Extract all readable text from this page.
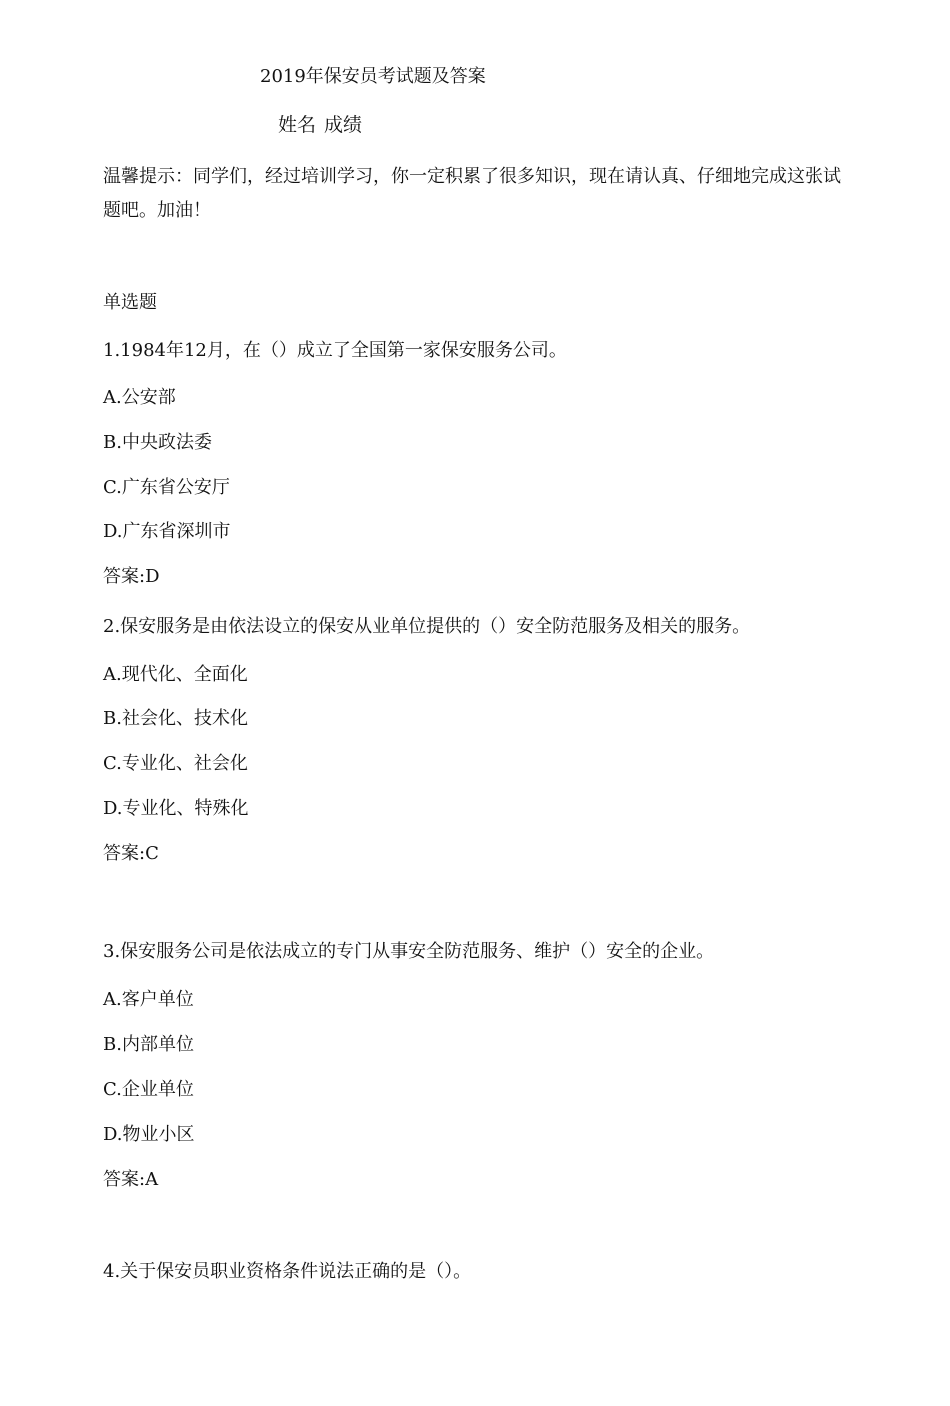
2019年保安员考试题及答案
姓名 成绩
温馨提示：同学们，经过培训学习，你一定积累了很多知识，现在请认真、仔细地完成这张试题吧。加油！
单选题
1.1984年12月，在（）成立了全国第一家保安服务公司。
A.公安部
B.中央政法委
C.广东省公安厅
D.广东省深圳市
答案:D
2.保安服务是由依法设立的保安从业单位提供的（）安全防范服务及相关的服务。
A.现代化、全面化
B.社会化、技术化
C.专业化、社会化
D.专业化、特殊化
答案:C
3.保安服务公司是依法成立的专门从事安全防范服务、维护（）安全的企业。
A.客户单位
B.内部单位
C.企业单位
D.物业小区
答案:A
4.关于保安员职业资格条件说法正确的是（）。
